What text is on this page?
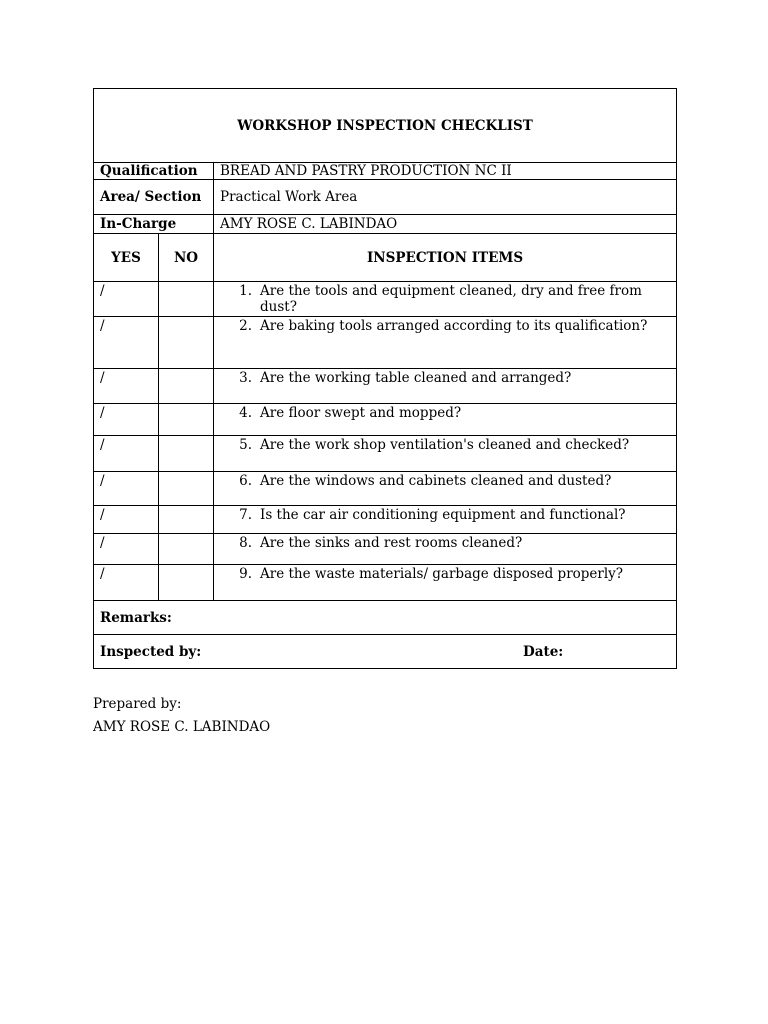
WORKSHOP INSPECTION CHECKLIST		
Qualification		BREAD AND PASTRY PRODUCTION NC II
Area/ Section		Practical Work Area
In-Charge		AMY ROSE C. LABINDAO
YES	NO	INSPECTION ITEMS
/		1. Are the tools and equipment cleaned, dry and free from dust?

/		2. Are baking tools arranged according to its qualification?

/		3. Are the working table cleaned and arranged?

/		4. Are floor swept and mopped?

/		5. Are the work shop ventilation's cleaned and checked?

/		6. Are the windows and cabinets cleaned and dusted?

/		7. Is the car air conditioning equipment and functional?

/		8. Are the sinks and rest rooms cleaned?

/		9. Are the waste materials/ garbage disposed properly?

Remarks:		
Inspected by: Date:		
Prepared by:
AMY ROSE C. LABINDAO
